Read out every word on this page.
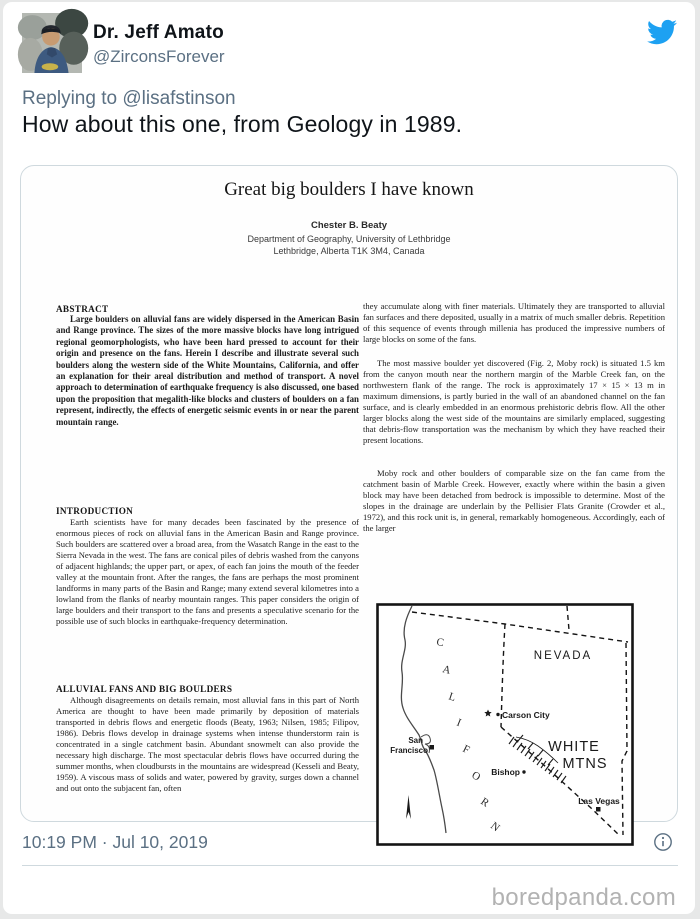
Dr. Jeff Amato
@ZirconsForever
Replying to @lisafstinson
How about this one, from Geology in 1989.
Great big boulders I have known
Chester B. Beaty
Department of Geography, University of Lethbridge
Lethbridge, Alberta T1K 3M4, Canada
ABSTRACT
Large boulders on alluvial fans are widely dispersed in the American Basin and Range province. The sizes of the more massive blocks have long intrigued regional geomorphologists, who have been hard pressed to account for their origin and presence on the fans. Herein I describe and illustrate several such boulders along the western side of the White Mountains, California, and offer an explanation for their areal distribution and method of transport. A novel approach to determination of earthquake frequency is also discussed, one based upon the proposition that megalith-like blocks and clusters of boulders on a fan represent, indirectly, the effects of energetic seismic events in or near the parent mountain range.
INTRODUCTION
Earth scientists have for many decades been fascinated by the presence of enormous pieces of rock on alluvial fans in the American Basin and Range province. Such boulders are scattered over a broad area, from the Wasatch Range in the east to the Sierra Nevada in the west. The fans are conical piles of debris washed from the canyons of adjacent highlands; the upper part, or apex, of each fan joins the mouth of the feeder valley at the mountain front. After the ranges, the fans are perhaps the most prominent landforms in many parts of the Basin and Range; many extend several kilometres into a lowland from the flanks of nearby mountain ranges. This paper considers the origin of large boulders and their transport to the fans and presents a speculative scenario for the possible use of such blocks in earthquake-frequency determination.
ALLUVIAL FANS AND BIG BOULDERS
Although disagreements on details remain, most alluvial fans in this part of North America are thought to have been made primarily by deposition of materials transported in debris flows and energetic floods (Beaty, 1963; Nilsen, 1985; Filipov, 1986). Debris flows develop in drainage systems when intense thunderstorm rain is concentrated in a single catchment basin. Abundant snowmelt can also provide the necessary high discharge. The most spectacular debris flows have occurred during the summer months, when cloudbursts in the mountains are widespread (Kesseli and Beaty, 1959). A viscous mass of solids and water, powered by gravity, surges down a channel and out onto the subjacent fan, often
they accumulate along with finer materials. Ultimately they are transported to alluvial fan surfaces and there deposited, usually in a matrix of much smaller debris. Repetition of this sequence of events through millenia has produced the impressive numbers of large blocks on some of the fans.
The most massive boulder yet discovered (Fig. 2, Moby rock) is situated 1.5 km from the canyon mouth near the northern margin of the Marble Creek fan, on the northwestern flank of the range. The rock is approximately 17 × 15 × 13 m in maximum dimensions, is partly buried in the wall of an abandoned channel on the fan surface, and is clearly embedded in an enormous prehistoric debris flow. All the other larger blocks along the west side of the mountains are similarly emplaced, suggesting that debris-flow transportation was the mechanism by which they have reached their present locations.
Moby rock and other boulders of comparable size on the fan came from the catchment basin of Marble Creek. However, exactly where within the basin a given block may have been detached from bedrock is impossible to determine. Most of the slopes in the drainage are underlain by the Pellisier Flats Granite (Crowder et al., 1972), and this rock unit is, in general, remarkably homogeneous. Accordingly, each of the larger
NEVADA
C
A
L
I
F
O
R
N
Carson City
San
Francisco	WHITE
MTNS
Bishop
Las Vegas
10:19 PM · Jul 10, 2019
boredpanda.com
